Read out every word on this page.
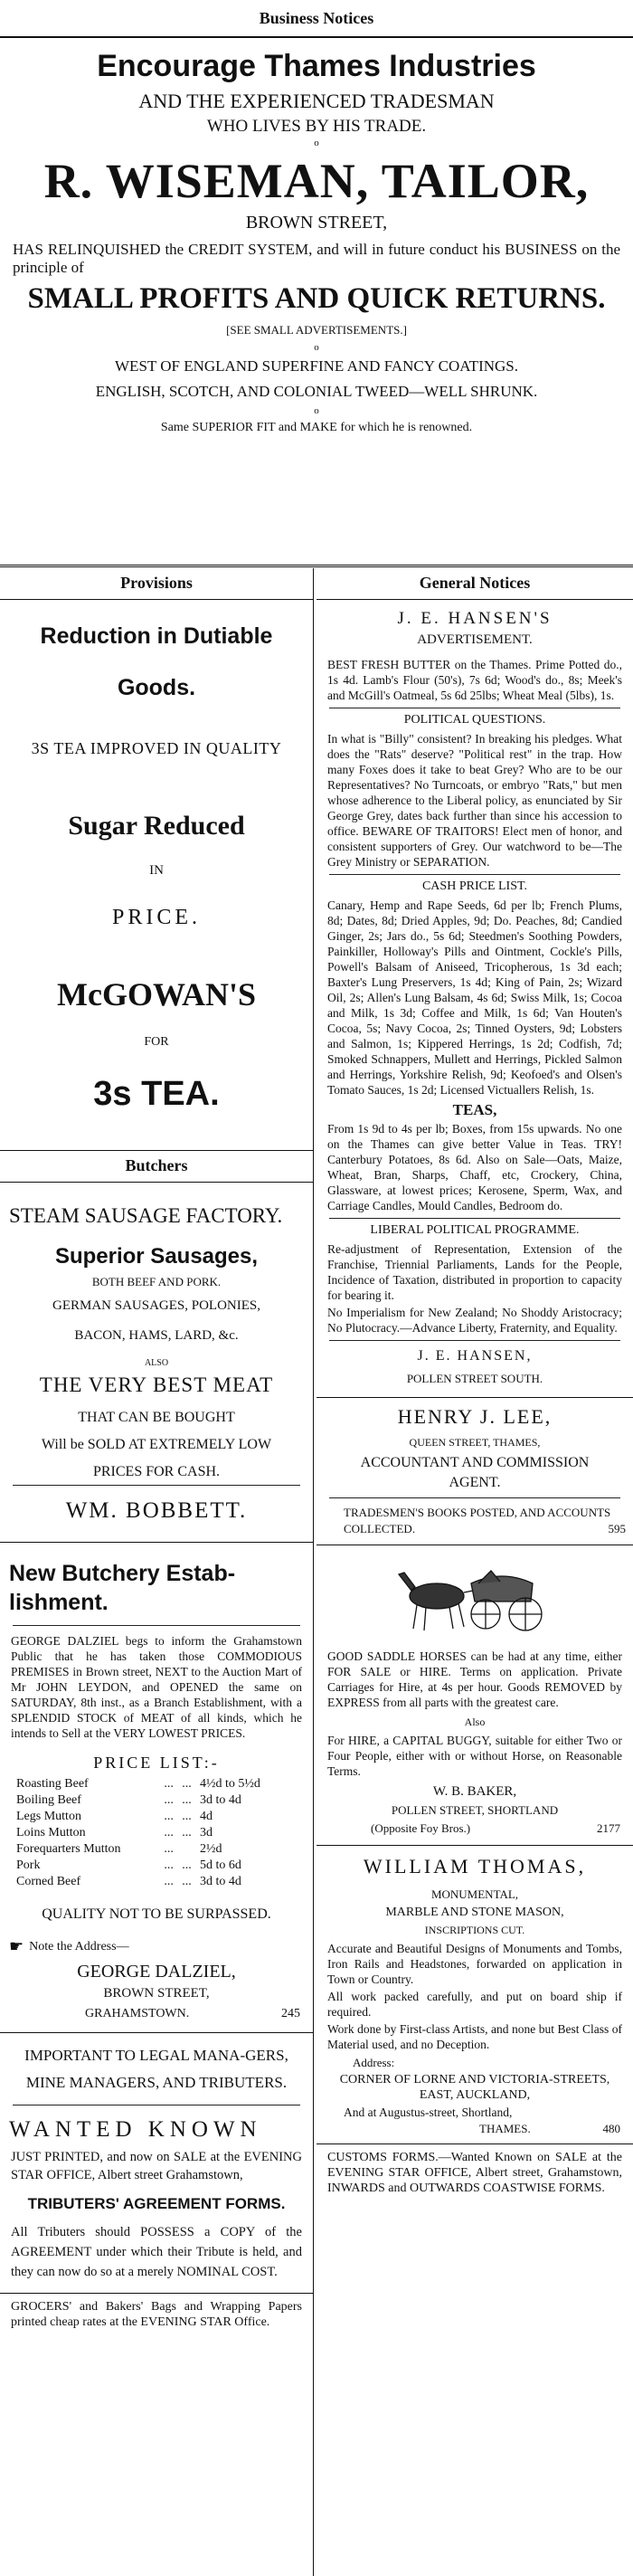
Business Notices
Encourage Thames Industries
AND THE EXPERIENCED TRADESMAN
WHO LIVES BY HIS TRADE.
o
R. WISEMAN, TAILOR,
BROWN STREET,
HAS RELINQUISHED the CREDIT SYSTEM, and will in future conduct his BUSINESS on the principle of
SMALL PROFITS AND QUICK RETURNS.
[SEE SMALL ADVERTISEMENTS.]
o
WEST OF ENGLAND SUPERFINE AND FANCY COATINGS.
ENGLISH, SCOTCH, AND COLONIAL TWEED—WELL SHRUNK.
o
Same SUPERIOR FIT and MAKE for which he is renowned.
Provisions
Reduction in Dutiable
Goods.
3S TEA IMPROVED IN QUALITY
Sugar Reduced
IN
PRICE.
McGOWAN'S
FOR
3s TEA.
Butchers
STEAM SAUSAGE FACTORY.
Superior Sausages,
BOTH BEEF AND PORK.
GERMAN SAUSAGES, POLONIES,
BACON, HAMS, LARD, &c.
ALSO
THE VERY BEST MEAT
THAT CAN BE BOUGHT
Will be SOLD AT EXTREMELY LOW
PRICES FOR CASH.
WM. BOBBETT.
New Butchery Estab-lishment.
GEORGE DALZIEL begs to inform the Grahamstown Public that he has taken those COMMODIOUS PREMISES in Brown street, NEXT to the Auction Mart of Mr JOHN LEYDON, and OPENED the same on SATURDAY, 8th inst., as a Branch Establishment, with a SPLENDID STOCK of MEAT of all kinds, which he intends to Sell at the VERY LOWEST PRICES.
PRICE LIST:-
Roasting Beef	...	...	4½d to 5½d
Boiling Beef	...	...	3d to 4d
Legs Mutton	...	...	4d
Loins Mutton	...	...	3d
Forequarters Mutton	...		2½d
Pork	...	...	5d to 6d
Corned Beef	...	...	3d to 4d
QUALITY NOT TO BE SURPASSED.
☛ Note the Address—
GEORGE DALZIEL,
BROWN STREET,
GRAHAMSTOWN.	245
IMPORTANT TO LEGAL MANA-GERS, MINE MANAGERS, AND TRIBUTERS.
WANTED KNOWN
JUST PRINTED, and now on SALE at the EVENING STAR OFFICE, Albert street Grahamstown,
TRIBUTERS' AGREEMENT FORMS.
All Tributers should POSSESS a COPY of the AGREEMENT under which their Tribute is held, and they can now do so at a merely NOMINAL COST.
GROCERS' and Bakers' Bags and Wrapping Papers printed cheap rates at the EVENING STAR Office.
General Notices
J. E. HANSEN'S
ADVERTISEMENT.
BEST FRESH BUTTER on the Thames. Prime Potted do., 1s 4d. Lamb's Flour (50's), 7s 6d; Wood's do., 8s; Meek's and McGill's Oatmeal, 5s 6d 25lbs; Wheat Meal (5lbs), 1s.
POLITICAL QUESTIONS.
In what is "Billy" consistent? In breaking his pledges. What does the "Rats" deserve? "Political rest" in the trap. How many Foxes does it take to beat Grey? Who are to be our Representatives? No Turncoats, or embryo "Rats," but men whose adherence to the Liberal policy, as enunciated by Sir George Grey, dates back further than since his accession to office. BEWARE OF TRAITORS! Elect men of honor, and consistent supporters of Grey. Our watchword to be—The Grey Ministry or SEPARATION.
CASH PRICE LIST.
Canary, Hemp and Rape Seeds, 6d per lb; French Plums, 8d; Dates, 8d; Dried Apples, 9d; Do. Peaches, 8d; Candied Ginger, 2s; Jars do., 5s 6d; Steedmen's Soothing Powders, Painkiller, Holloway's Pills and Ointment, Cockle's Pills, Powell's Balsam of Aniseed, Tricopherous, 1s 3d each; Baxter's Lung Preservers, 1s 4d; King of Pain, 2s; Wizard Oil, 2s; Allen's Lung Balsam, 4s 6d; Swiss Milk, 1s; Cocoa and Milk, 1s 3d; Coffee and Milk, 1s 6d; Van Houten's Cocoa, 5s; Navy Cocoa, 2s; Tinned Oysters, 9d; Lobsters and Salmon, 1s; Kippered Herrings, 1s 2d; Codfish, 7d; Smoked Schnappers, Mullett and Herrings, Pickled Salmon and Herrings, Yorkshire Relish, 9d; Keofoed's and Olsen's Tomato Sauces, 1s 2d; Licensed Victuallers Relish, 1s.
TEAS,
From 1s 9d to 4s per lb; Boxes, from 15s upwards. No one on the Thames can give better Value in Teas. TRY! Canterbury Potatoes, 8s 6d. Also on Sale—Oats, Maize, Wheat, Bran, Sharps, Chaff, etc, Crockery, China, Glassware, at lowest prices; Kerosene, Sperm, Wax, and Carriage Candles, Mould Candles, Bedroom do.
LIBERAL POLITICAL PROGRAMME.
Re-adjustment of Representation, Extension of the Franchise, Triennial Parliaments, Lands for the People, Incidence of Taxation, distributed in proportion to capacity for bearing it.
No Imperialism for New Zealand; No Shoddy Aristocracy; No Plutocracy.—Advance Liberty, Fraternity, and Equality.
J. E. HANSEN,
POLLEN STREET SOUTH.
HENRY J. LEE,
QUEEN STREET, THAMES,
ACCOUNTANT AND COMMISSION AGENT.
TRADESMEN'S BOOKS POSTED, AND ACCOUNTS COLLECTED.	595
GOOD SADDLE HORSES can be had at any time, either FOR SALE or HIRE. Terms on application. Private Carriages for Hire, at 4s per hour. Goods REMOVED by EXPRESS from all parts with the greatest care.
Also
For HIRE, a CAPITAL BUGGY, suitable for either Two or Four People, either with or without Horse, on Reasonable Terms.
W. B. BAKER,
POLLEN STREET, SHORTLAND
(Opposite Foy Bros.)	2177
WILLIAM THOMAS,
MONUMENTAL,
MARBLE AND STONE MASON,
INSCRIPTIONS CUT.
Accurate and Beautiful Designs of Monuments and Tombs, Iron Rails and Headstones, forwarded on application in Town or Country.
All work packed carefully, and put on board ship if required.
Work done by First-class Artists, and none but Best Class of Material used, and no Deception.
Address:
CORNER OF LORNE AND VICTORIA-STREETS, EAST, AUCKLAND,
And at Augustus-street, Shortland,
THAMES.	480
CUSTOMS FORMS.—Wanted Known on SALE at the EVENING STAR OFFICE, Albert street, Grahamstown, INWARDS and OUTWARDS COASTWISE FORMS.
